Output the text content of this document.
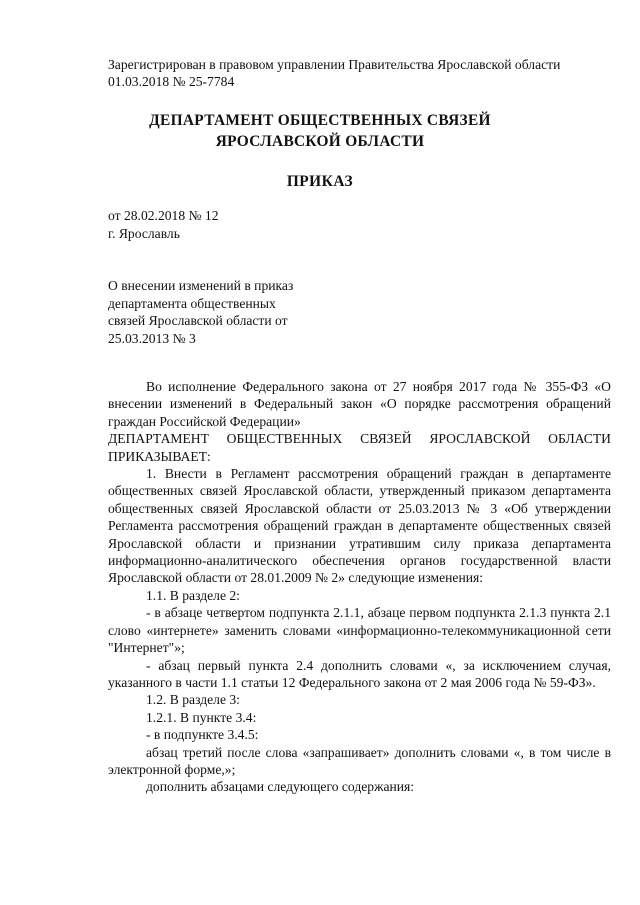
Зарегистрирован в правовом управлении Правительства Ярославской области
01.03.2018 № 25-7784
ДЕПАРТАМЕНТ ОБЩЕСТВЕННЫХ СВЯЗЕЙ
ЯРОСЛАВСКОЙ ОБЛАСТИ
ПРИКАЗ
от 28.02.2018 № 12
г. Ярославль
О внесении изменений в приказ
департамента общественных
связей Ярославской области от
25.03.2013 № 3

Во исполнение Федерального закона от 27 ноября 2017 года № 355-ФЗ «О внесении изменений в Федеральный закон «О порядке рассмотрения обращений граждан Российской Федерации»

ДЕПАРТАМЕНТ ОБЩЕСТВЕННЫХ СВЯЗЕЙ ЯРОСЛАВСКОЙ ОБЛАСТИ ПРИКАЗЫВАЕТ:

1. Внести в Регламент рассмотрения обращений граждан в департаменте общественных связей Ярославской области, утвержденный приказом департамента общественных связей Ярославской области от 25.03.2013 № 3 «Об утверждении Регламента рассмотрения обращений граждан в департаменте общественных связей Ярославской области и признании утратившим силу приказа департамента информационно-аналитического обеспечения органов государственной власти Ярославской области от 28.01.2009 № 2» следующие изменения:

1.1. В разделе 2:

- в абзаце четвертом подпункта 2.1.1, абзаце первом подпункта 2.1.3 пункта 2.1 слово «интернете» заменить словами «информационно-телекоммуникационной сети "Интернет"»;

- абзац первый пункта 2.4 дополнить словами «, за исключением случая, указанного в части 1.1 статьи 12 Федерального закона от 2 мая 2006 года № 59-ФЗ».

1.2. В разделе 3:

1.2.1. В пункте 3.4:

- в подпункте 3.4.5:

абзац третий после слова «запрашивает» дополнить словами «, в том числе в электронной форме,»;

дополнить абзацами следующего содержания:
